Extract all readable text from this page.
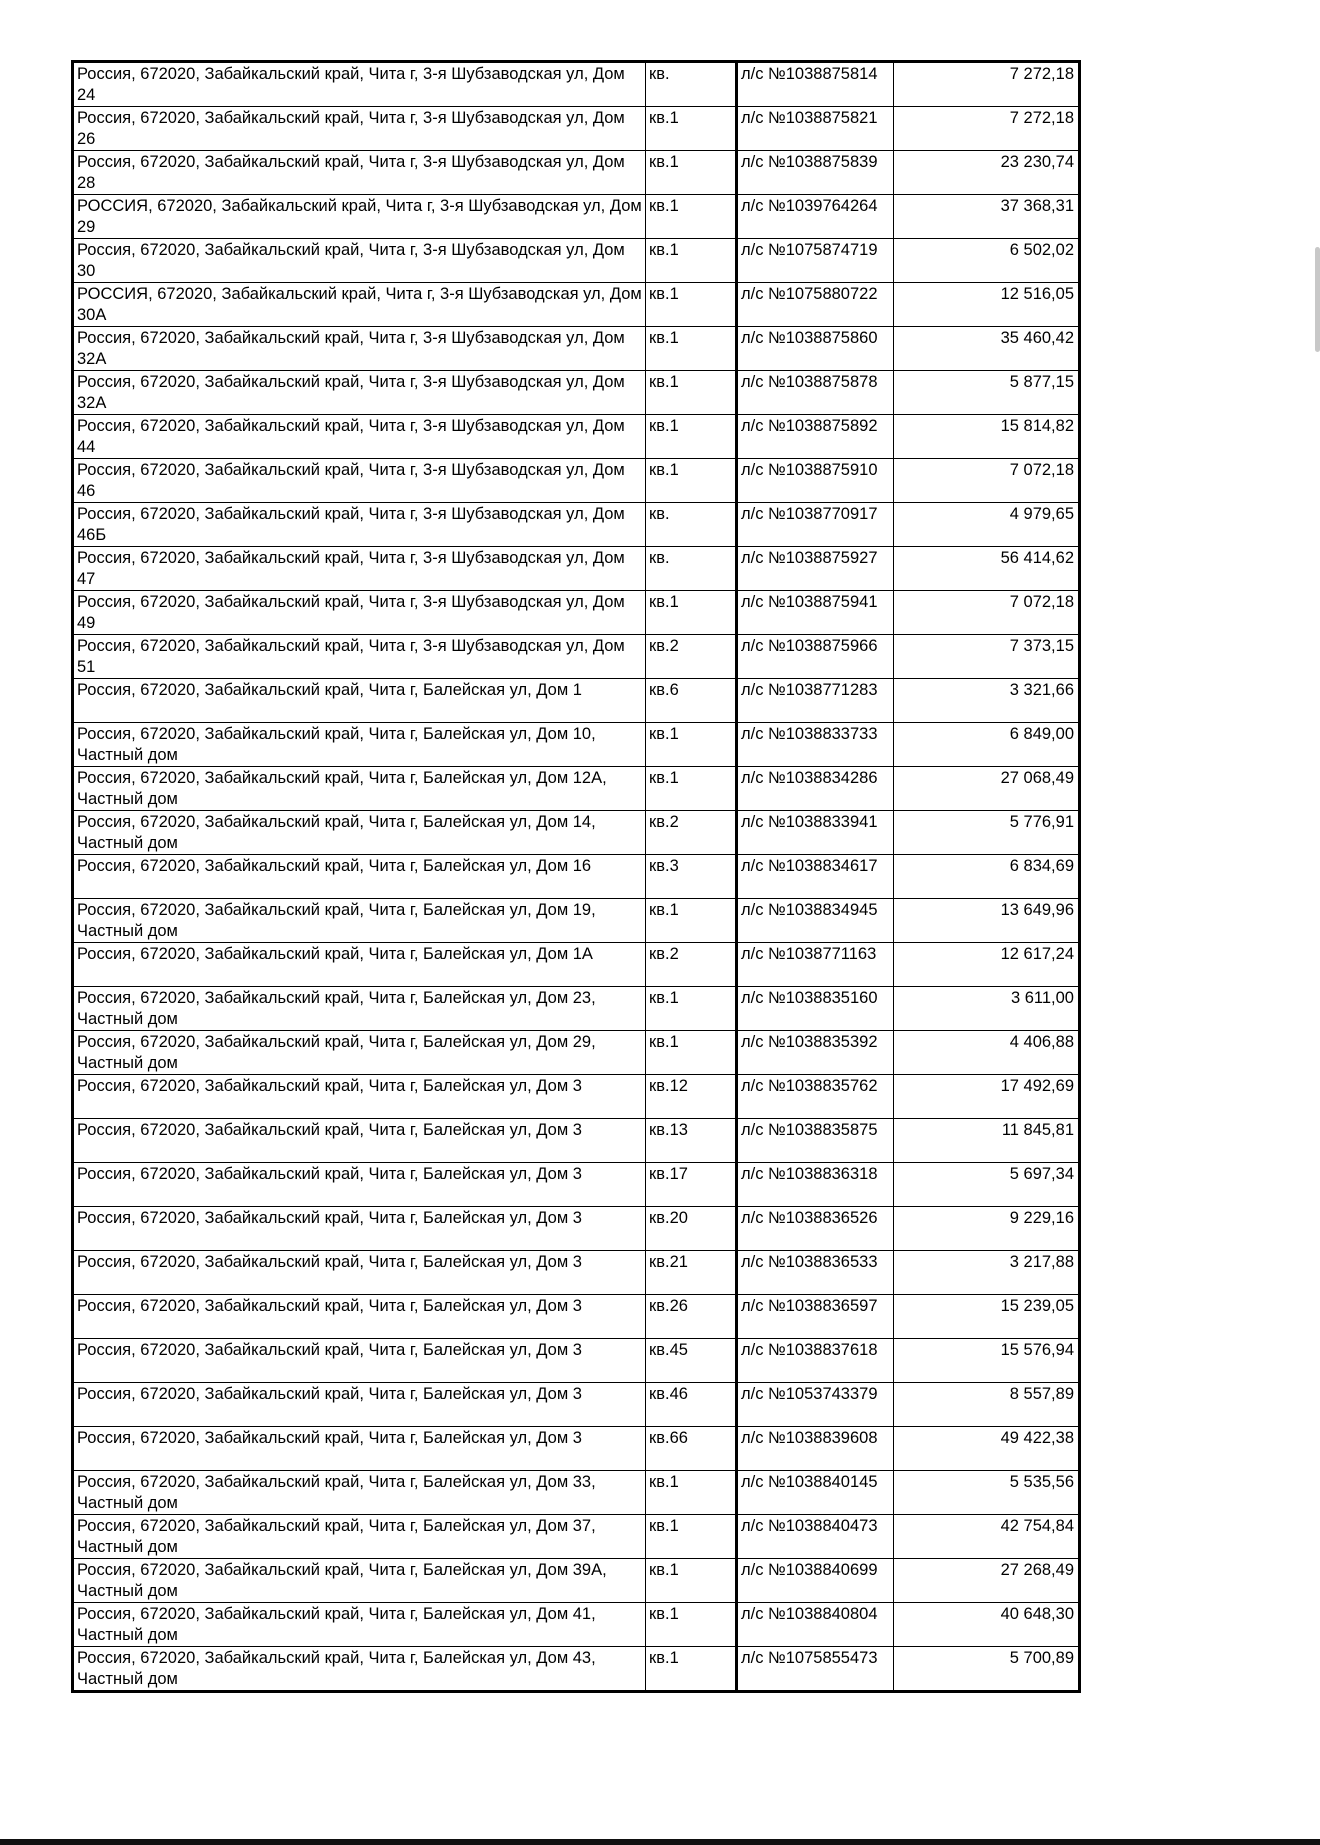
Россия, 672020, Забайкальский край, Чита г, 3-я Шубзаводская ул, Дом 24	кв.	л/с №1038875814	7 272,18
Россия, 672020, Забайкальский край, Чита г, 3-я Шубзаводская ул, Дом 26	кв.1	л/с №1038875821	7 272,18
Россия, 672020, Забайкальский край, Чита г, 3-я Шубзаводская ул, Дом 28	кв.1	л/с №1038875839	23 230,74
РОССИЯ, 672020, Забайкальский край, Чита г, 3-я Шубзаводская ул, Дом 29	кв.1	л/с №1039764264	37 368,31
Россия, 672020, Забайкальский край, Чита г, 3-я Шубзаводская ул, Дом 30	кв.1	л/с №1075874719	6 502,02
РОССИЯ, 672020, Забайкальский край, Чита г, 3-я Шубзаводская ул, Дом 30А	кв.1	л/с №1075880722	12 516,05
Россия, 672020, Забайкальский край, Чита г, 3-я Шубзаводская ул, Дом 32А	кв.1	л/с №1038875860	35 460,42
Россия, 672020, Забайкальский край, Чита г, 3-я Шубзаводская ул, Дом 32А	кв.1	л/с №1038875878	5 877,15
Россия, 672020, Забайкальский край, Чита г, 3-я Шубзаводская ул, Дом 44	кв.1	л/с №1038875892	15 814,82
Россия, 672020, Забайкальский край, Чита г, 3-я Шубзаводская ул, Дом 46	кв.1	л/с №1038875910	7 072,18
Россия, 672020, Забайкальский край, Чита г, 3-я Шубзаводская ул, Дом 46Б	кв.	л/с №1038770917	4 979,65
Россия, 672020, Забайкальский край, Чита г, 3-я Шубзаводская ул, Дом 47	кв.	л/с №1038875927	56 414,62
Россия, 672020, Забайкальский край, Чита г, 3-я Шубзаводская ул, Дом 49	кв.1	л/с №1038875941	7 072,18
Россия, 672020, Забайкальский край, Чита г, 3-я Шубзаводская ул, Дом 51	кв.2	л/с №1038875966	7 373,15
Россия, 672020, Забайкальский край, Чита г, Балейская ул, Дом 1	кв.6	л/с №1038771283	3 321,66
Россия, 672020, Забайкальский край, Чита г, Балейская ул, Дом 10, Частный дом	кв.1	л/с №1038833733	6 849,00
Россия, 672020, Забайкальский край, Чита г, Балейская ул, Дом 12А, Частный дом	кв.1	л/с №1038834286	27 068,49
Россия, 672020, Забайкальский край, Чита г, Балейская ул, Дом 14, Частный дом	кв.2	л/с №1038833941	5 776,91
Россия, 672020, Забайкальский край, Чита г, Балейская ул, Дом 16	кв.3	л/с №1038834617	6 834,69
Россия, 672020, Забайкальский край, Чита г, Балейская ул, Дом 19, Частный дом	кв.1	л/с №1038834945	13 649,96
Россия, 672020, Забайкальский край, Чита г, Балейская ул, Дом 1А	кв.2	л/с №1038771163	12 617,24
Россия, 672020, Забайкальский край, Чита г, Балейская ул, Дом 23, Частный дом	кв.1	л/с №1038835160	3 611,00
Россия, 672020, Забайкальский край, Чита г, Балейская ул, Дом 29, Частный дом	кв.1	л/с №1038835392	4 406,88
Россия, 672020, Забайкальский край, Чита г, Балейская ул, Дом 3	кв.12	л/с №1038835762	17 492,69
Россия, 672020, Забайкальский край, Чита г, Балейская ул, Дом 3	кв.13	л/с №1038835875	11 845,81
Россия, 672020, Забайкальский край, Чита г, Балейская ул, Дом 3	кв.17	л/с №1038836318	5 697,34
Россия, 672020, Забайкальский край, Чита г, Балейская ул, Дом 3	кв.20	л/с №1038836526	9 229,16
Россия, 672020, Забайкальский край, Чита г, Балейская ул, Дом 3	кв.21	л/с №1038836533	3 217,88
Россия, 672020, Забайкальский край, Чита г, Балейская ул, Дом 3	кв.26	л/с №1038836597	15 239,05
Россия, 672020, Забайкальский край, Чита г, Балейская ул, Дом 3	кв.45	л/с №1038837618	15 576,94
Россия, 672020, Забайкальский край, Чита г, Балейская ул, Дом 3	кв.46	л/с №1053743379	8 557,89
Россия, 672020, Забайкальский край, Чита г, Балейская ул, Дом 3	кв.66	л/с №1038839608	49 422,38
Россия, 672020, Забайкальский край, Чита г, Балейская ул, Дом 33, Частный дом	кв.1	л/с №1038840145	5 535,56
Россия, 672020, Забайкальский край, Чита г, Балейская ул, Дом 37, Частный дом	кв.1	л/с №1038840473	42 754,84
Россия, 672020, Забайкальский край, Чита г, Балейская ул, Дом 39А, Частный дом	кв.1	л/с №1038840699	27 268,49
Россия, 672020, Забайкальский край, Чита г, Балейская ул, Дом 41, Частный дом	кв.1	л/с №1038840804	40 648,30
Россия, 672020, Забайкальский край, Чита г, Балейская ул, Дом 43, Частный дом	кв.1	л/с №1075855473	5 700,89
